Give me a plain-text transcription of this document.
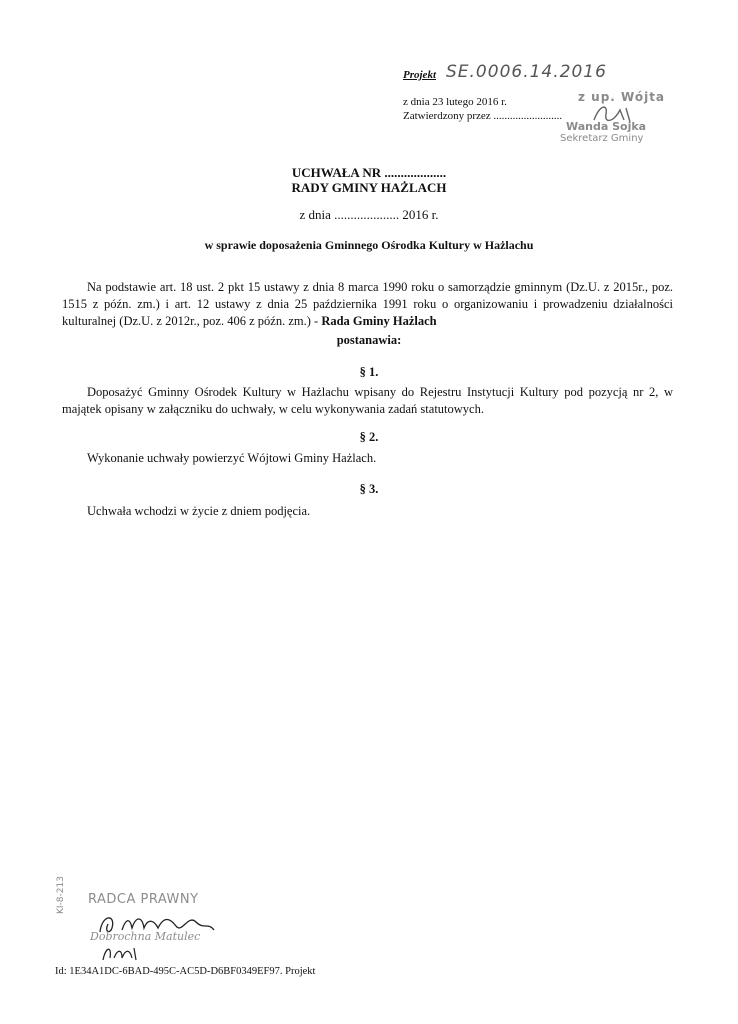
Projekt SE.0006.14.2016
z dnia 23 lutego 2016 r.
Zatwierdzony przez .........................
z up. Wójta
Wanda Sojka
Sekretarz Gminy
UCHWAŁA NR ...................
RADY GMINY HAŻLACH
z dnia .................... 2016 r.
w sprawie doposażenia Gminnego Ośrodka Kultury w Hażlachu
Na podstawie art. 18 ust. 2 pkt 15 ustawy z dnia 8 marca 1990 roku o samorządzie gminnym (Dz.U. z 2015r., poz. 1515 z późn. zm.) i art. 12 ustawy z dnia 25 października 1991 roku o organizowaniu i prowadzeniu działalności kulturalnej (Dz.U. z 2012r., poz. 406 z późn. zm.) - Rada Gminy Hażlach
postanawia:
§ 1.
Doposażyć Gminny Ośrodek Kultury w Hażlachu wpisany do Rejestru Instytucji Kultury pod pozycją nr 2, w majątek opisany w załączniku do uchwały, w celu wykonywania zadań statutowych.
§ 2.
Wykonanie uchwały powierzyć Wójtowi Gminy Hażlach.
§ 3.
Uchwała wchodzi w życie z dniem podjęcia.
KI-8-213 RADCA PRAWNY
Dobrochna Matulec
Id: 1E34A1DC-6BAD-495C-AC5D-D6BF0349EF97. Projekt
